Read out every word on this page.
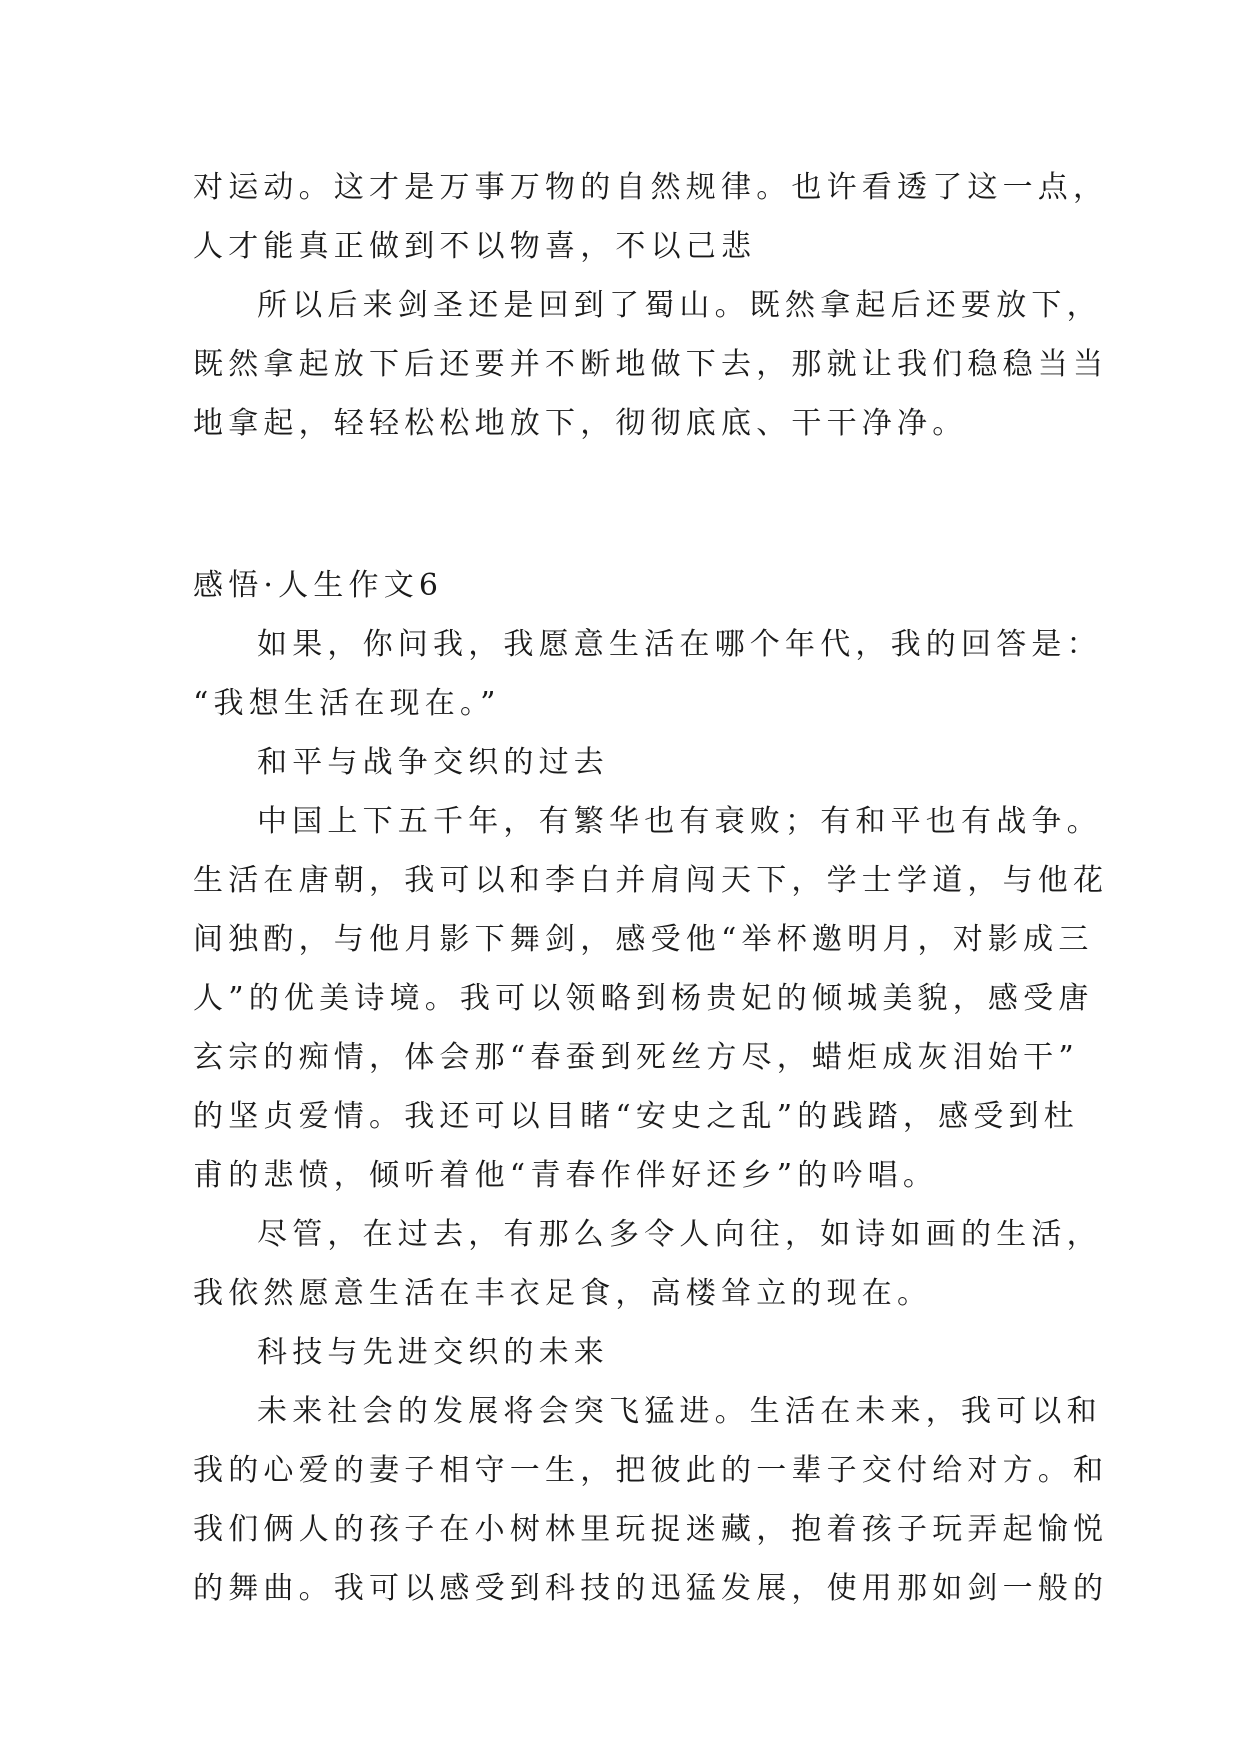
对运动。这才是万事万物的自然规律。也许看透了这一点，
人才能真正做到不以物喜，不以己悲
所以后来剑圣还是回到了蜀山。既然拿起后还要放下，
既然拿起放下后还要并不断地做下去，那就让我们稳稳当当
地拿起，轻轻松松地放下，彻彻底底、干干净净。
感悟·人生作文6
如果，你问我，我愿意生活在哪个年代，我的回答是：
“我想生活在现在。”
和平与战争交织的过去
中国上下五千年，有繁华也有衰败；有和平也有战争。
生活在唐朝，我可以和李白并肩闯天下，学士学道，与他花
间独酌，与他月影下舞剑，感受他“举杯邀明月，对影成三
人”的优美诗境。我可以领略到杨贵妃的倾城美貌，感受唐
玄宗的痴情，体会那“春蚕到死丝方尽，蜡炬成灰泪始干”
的坚贞爱情。我还可以目睹“安史之乱”的践踏，感受到杜
甫的悲愤，倾听着他“青春作伴好还乡”的吟唱。
尽管，在过去，有那么多令人向往，如诗如画的生活，
我依然愿意生活在丰衣足食，高楼耸立的现在。
科技与先进交织的未来
未来社会的发展将会突飞猛进。生活在未来，我可以和
我的心爱的妻子相守一生，把彼此的一辈子交付给对方。和
我们俩人的孩子在小树林里玩捉迷藏，抱着孩子玩弄起愉悦
的舞曲。我可以感受到科技的迅猛发展，使用那如剑一般的
